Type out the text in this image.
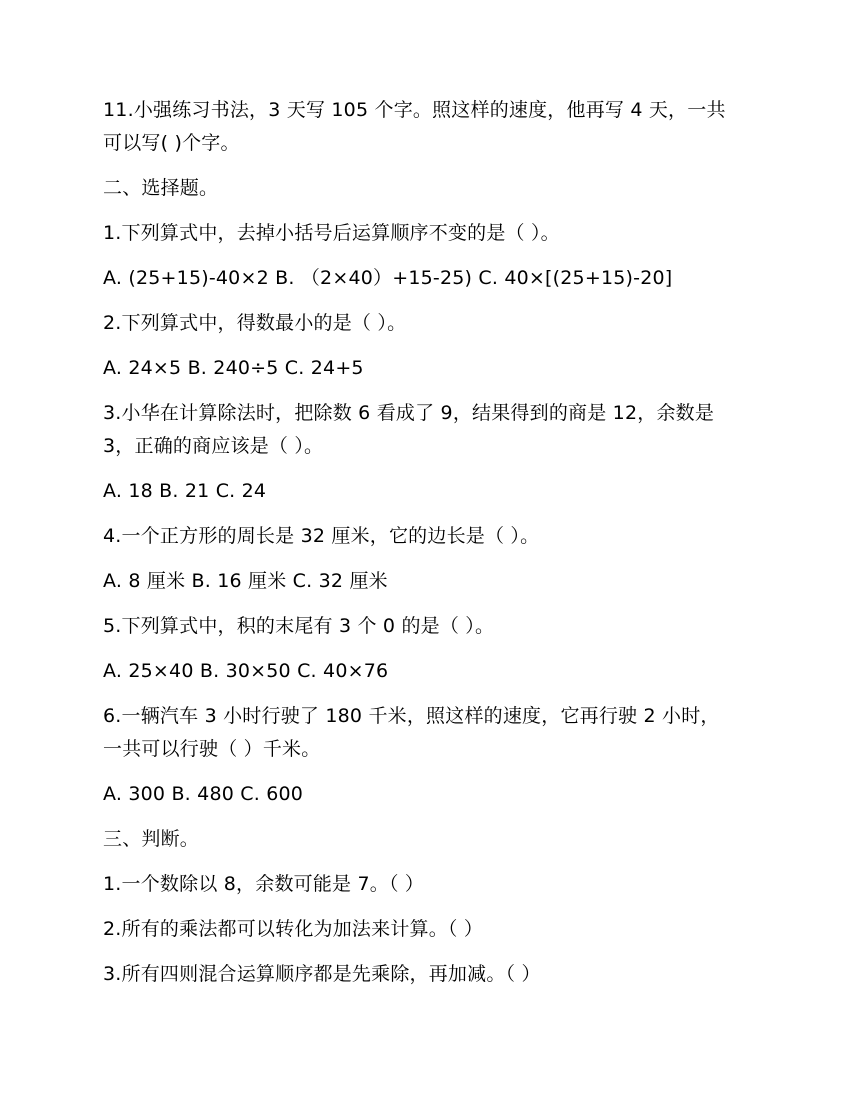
11.小强练习书法，3 天写 105 个字。照这样的速度，他再写 4 天，一共
可以写( )个字。
二、选择题。
1.下列算式中，去掉小括号后运算顺序不变的是（ ）。
A. (25+15)-40×2 B. （2×40）+15-25) C. 40×[(25+15)-20]
2.下列算式中，得数最小的是（ ）。
A. 24×5 B. 240÷5 C. 24+5
3.小华在计算除法时，把除数 6 看成了 9，结果得到的商是 12，余数是
3，正确的商应该是（ ）。
A. 18 B. 21 C. 24
4.一个正方形的周长是 32 厘米，它的边长是（ ）。
A. 8 厘米 B. 16 厘米 C. 32 厘米
5.下列算式中，积的末尾有 3 个 0 的是（ ）。
A. 25×40 B. 30×50 C. 40×76
6.一辆汽车 3 小时行驶了 180 千米，照这样的速度，它再行驶 2 小时，
一共可以行驶（ ）千米。
A. 300 B. 480 C. 600
三、判断。
1.一个数除以 8，余数可能是 7。（ ）
2.所有的乘法都可以转化为加法来计算。（ ）
3.所有四则混合运算顺序都是先乘除，再加减。（ ）
